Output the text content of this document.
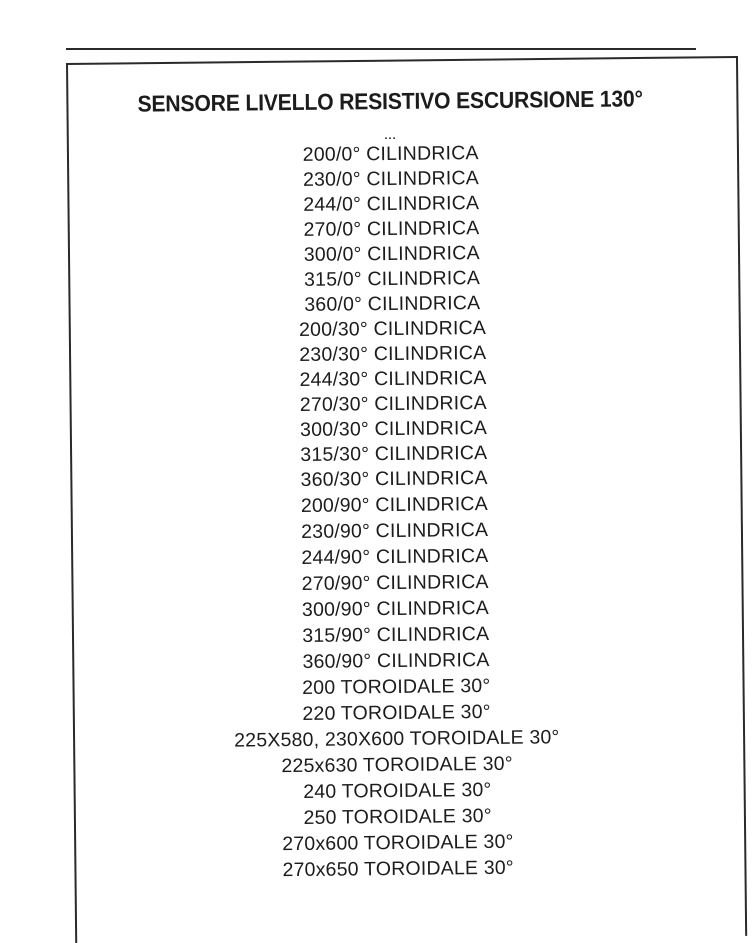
SENSORE LIVELLO RESISTIVO ESCURSIONE 130°
...
200/0° CILINDRICA
230/0° CILINDRICA
244/0° CILINDRICA
270/0° CILINDRICA
300/0° CILINDRICA
315/0° CILINDRICA
360/0° CILINDRICA
200/30° CILINDRICA
230/30° CILINDRICA
244/30° CILINDRICA
270/30° CILINDRICA
300/30° CILINDRICA
315/30° CILINDRICA
360/30° CILINDRICA
200/90° CILINDRICA
230/90° CILINDRICA
244/90° CILINDRICA
270/90° CILINDRICA
300/90° CILINDRICA
315/90° CILINDRICA
360/90° CILINDRICA
200 TOROIDALE 30°
220 TOROIDALE 30°
225X580, 230X600 TOROIDALE 30°
225x630 TOROIDALE 30°
240 TOROIDALE 30°
250 TOROIDALE 30°
270x600 TOROIDALE 30°
270x650 TOROIDALE 30°
